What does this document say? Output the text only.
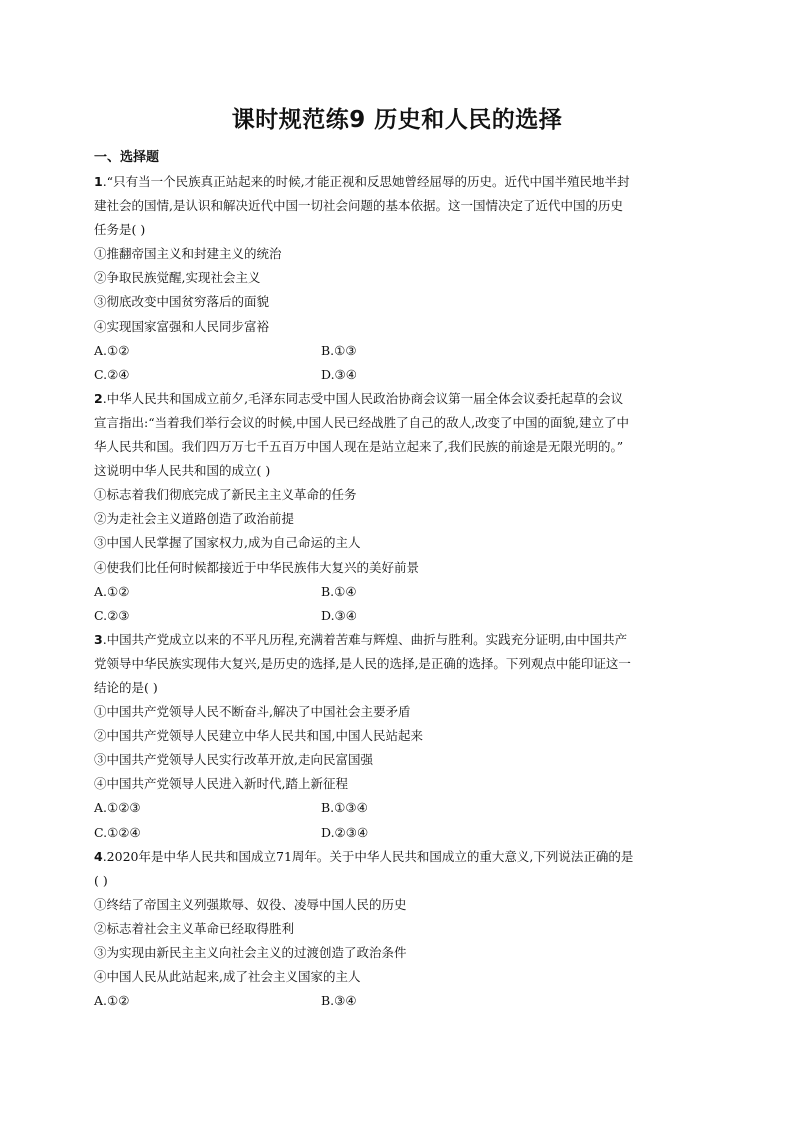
课时规范练9 历史和人民的选择
一、选择题
1.“只有当一个民族真正站起来的时候,才能正视和反思她曾经屈辱的历史。近代中国半殖民地半封
建社会的国情,是认识和解决近代中国一切社会问题的基本依据。这一国情决定了近代中国的历史
任务是( )
①推翻帝国主义和封建主义的统治
②争取民族觉醒,实现社会主义
③彻底改变中国贫穷落后的面貌
④实现国家富强和人民同步富裕
A.①②	B.①③
C.②④	D.③④
2.中华人民共和国成立前夕,毛泽东同志受中国人民政治协商会议第一届全体会议委托起草的会议
宣言指出:“当着我们举行会议的时候,中国人民已经战胜了自己的敌人,改变了中国的面貌,建立了中
华人民共和国。我们四万万七千五百万中国人现在是站立起来了,我们民族的前途是无限光明的。”
这说明中华人民共和国的成立( )
①标志着我们彻底完成了新民主主义革命的任务
②为走社会主义道路创造了政治前提
③中国人民掌握了国家权力,成为自己命运的主人
④使我们比任何时候都接近于中华民族伟大复兴的美好前景
A.①②	B.①④
C.②③	D.③④
3.中国共产党成立以来的不平凡历程,充满着苦难与辉煌、曲折与胜利。实践充分证明,由中国共产
党领导中华民族实现伟大复兴,是历史的选择,是人民的选择,是正确的选择。下列观点中能印证这一
结论的是( )
①中国共产党领导人民不断奋斗,解决了中国社会主要矛盾
②中国共产党领导人民建立中华人民共和国,中国人民站起来
③中国共产党领导人民实行改革开放,走向民富国强
④中国共产党领导人民进入新时代,踏上新征程
A.①②③	B.①③④
C.①②④	D.②③④
4.2020年是中华人民共和国成立71周年。关于中华人民共和国成立的重大意义,下列说法正确的是
( )
①终结了帝国主义列强欺辱、奴役、凌辱中国人民的历史
②标志着社会主义革命已经取得胜利
③为实现由新民主主义向社会主义的过渡创造了政治条件
④中国人民从此站起来,成了社会主义国家的主人
A.①②	B.③④
